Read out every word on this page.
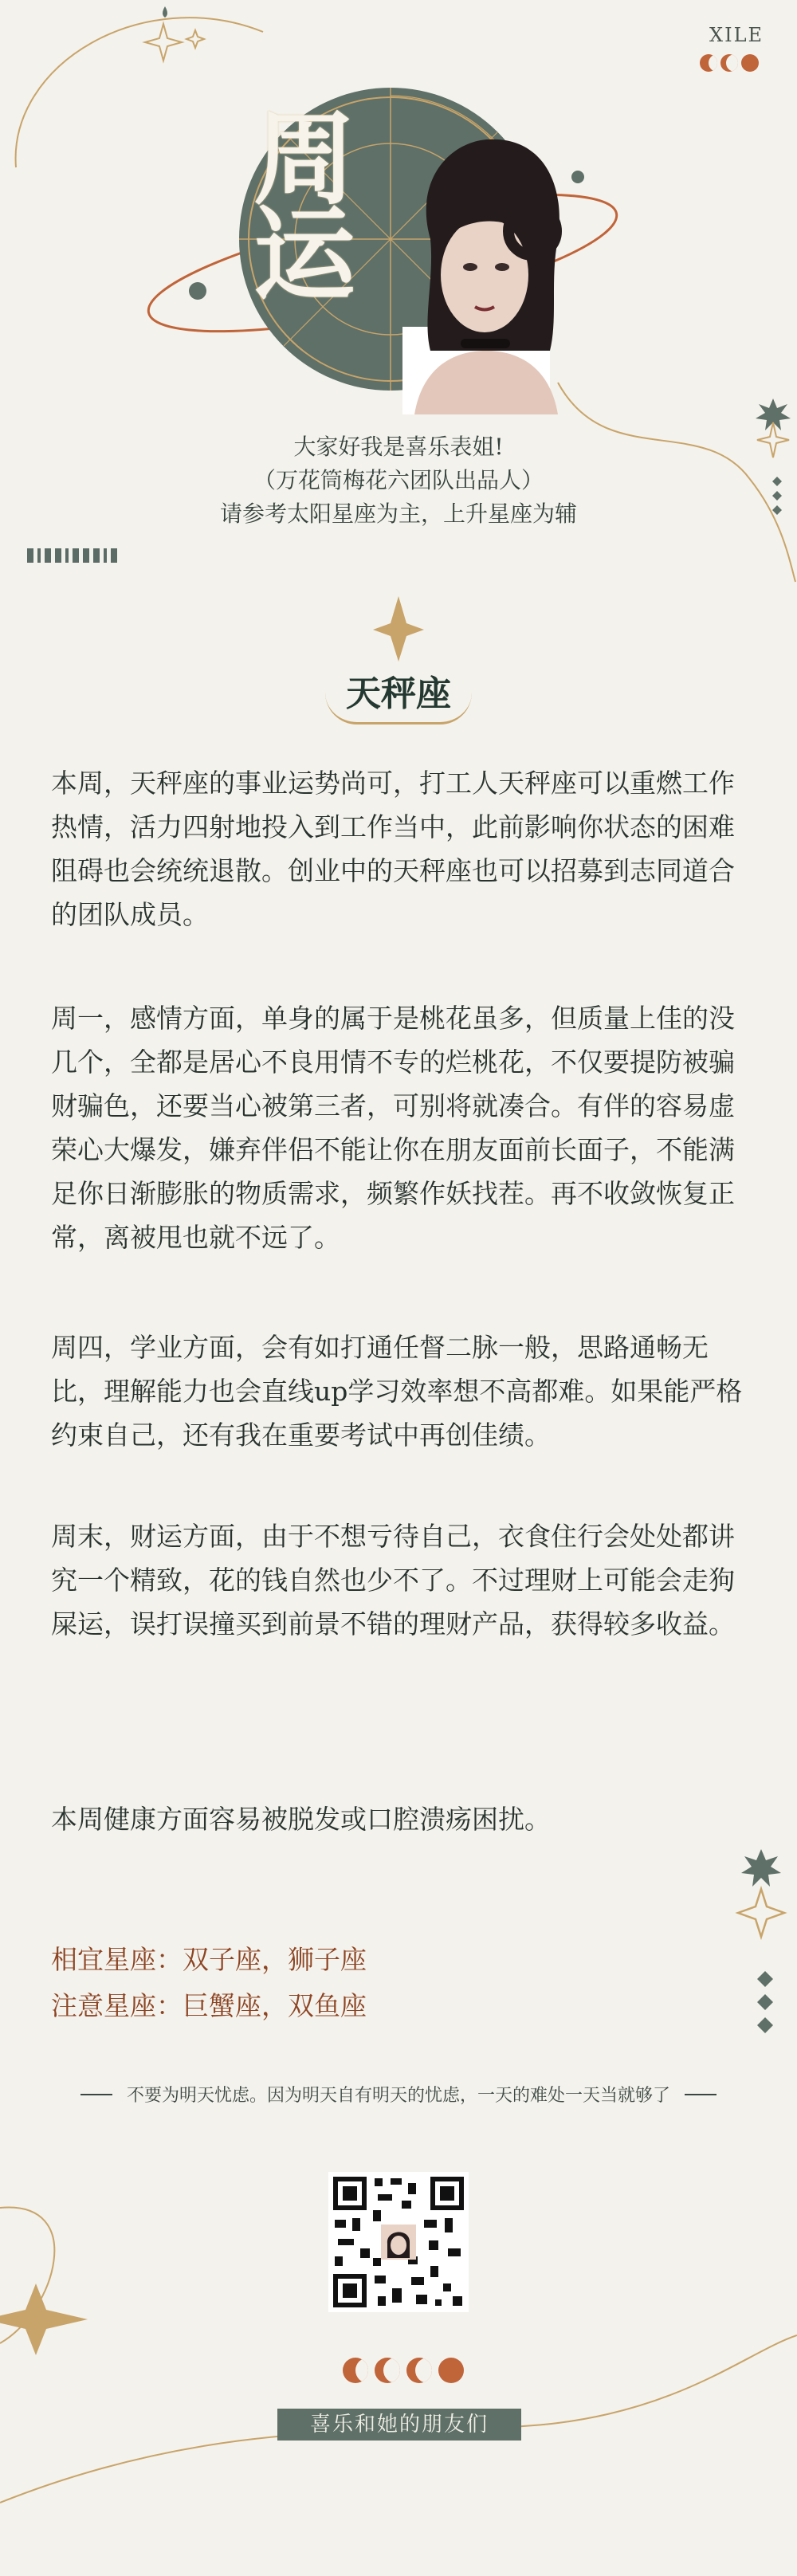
周运
XILE
大家好我是喜乐表姐!
（万花筒梅花六团队出品人）
请参考太阳星座为主，上升星座为辅
天秤座

本周，天秤座的事业运势尚可，打工人天秤座可以重燃工作热情，活力四射地投入到工作当中，此前影响你状态的困难阻碍也会统统退散。创业中的天秤座也可以招募到志同道合的团队成员。

周一，感情方面，单身的属于是桃花虽多，但质量上佳的没几个，全都是居心不良用情不专的烂桃花，不仅要提防被骗财骗色，还要当心被第三者，可别将就凑合。有伴的容易虚荣心大爆发，嫌弃伴侣不能让你在朋友面前长面子，不能满足你日渐膨胀的物质需求，频繁作妖找茬。再不收敛恢复正常，离被甩也就不远了。

周四，学业方面，会有如打通任督二脉一般，思路通畅无比，理解能力也会直线up学习效率想不高都难。如果能严格约束自己，还有我在重要考试中再创佳绩。

周末，财运方面，由于不想亏待自己，衣食住行会处处都讲究一个精致，花的钱自然也少不了。不过理财上可能会走狗屎运，误打误撞买到前景不错的理财产品，获得较多收益。

本周健康方面容易被脱发或口腔溃疡困扰。

相宜星座：双子座，狮子座
注意星座：巨蟹座，双鱼座
不要为明天忧虑。因为明天自有明天的忧虑，一天的难处一天当就够了
喜乐和她的朋友们
